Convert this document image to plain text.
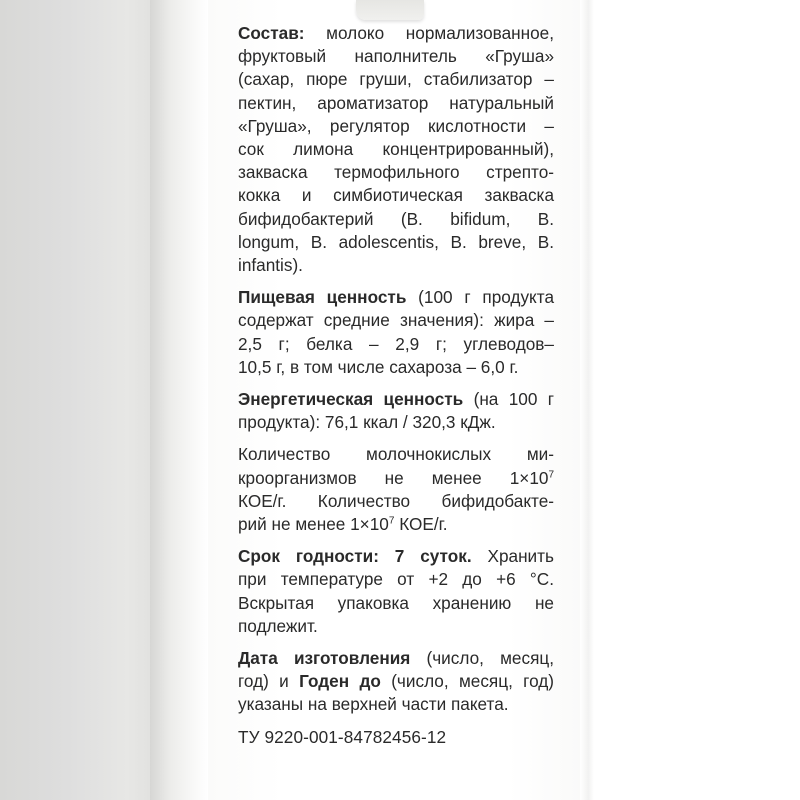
Состав: молоко нормализованное,
фруктовый наполнитель «Груша»
(сахар, пюре груши, стабилизатор –
пектин, ароматизатор натуральный
«Груша», регулятор кислотности –
сок лимона концентрированный),
закваска термофильного стрепто-
кокка и симбиотическая закваска
бифидобактерий (B. bifidum, B.
longum, B. adolescentis, B. breve, B.
infantis).
Пищевая ценность (100 г продукта
содержат средние значения): жира –
2,5 г; белка – 2,9 г; углеводов–
10,5 г, в том числе сахароза – 6,0 г.
Энергетическая ценность (на 100 г
продукта): 76,1 ккал / 320,3 кДж.
Количество молочнокислых ми-
кроорганизмов не менее $1\times 10^7$
КОЕ/г. Количество бифидобакте-
рий не менее $1\times 10^7$ КОЕ/г.
Срок годности: 7 суток. Хранить
при температуре от +2 до +6 °С.
Вскрытая упаковка хранению не
подлежит.
Дата изготовления (число, месяц,
год) и Годен до (число, месяц, год)
указаны на верхней части пакета.
ТУ 9220-001-84782456-12
